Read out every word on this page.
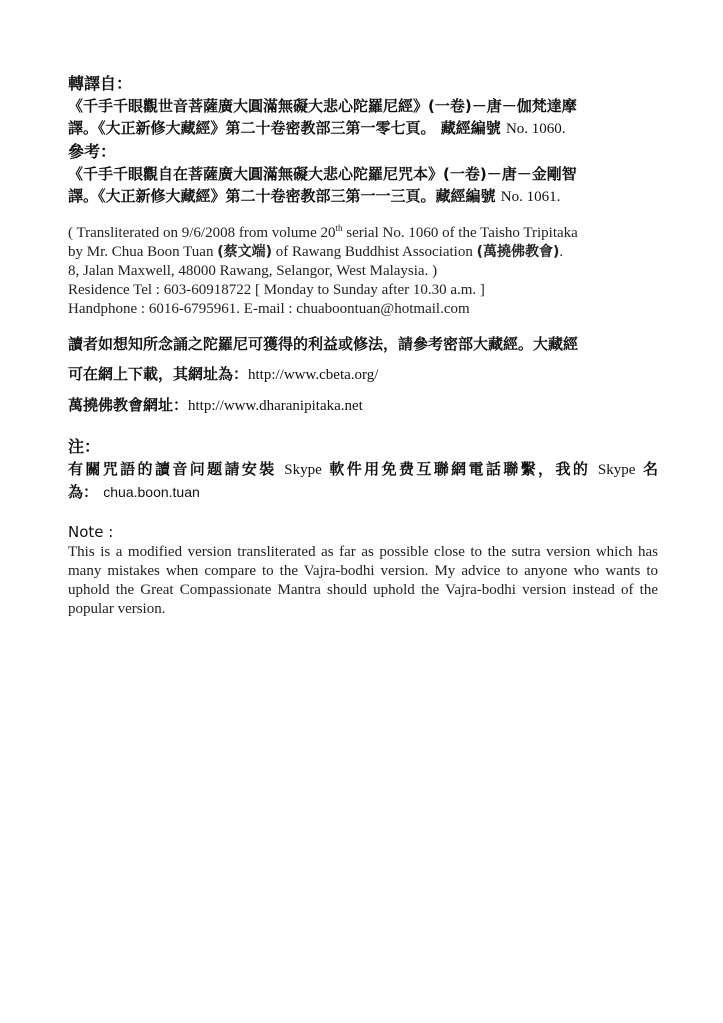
轉譯自：
《千手千眼觀世音菩薩廣大圓滿無礙大悲心陀羅尼經》(一卷)－唐－伽梵達摩
譯。《大正新修大藏經》第二十卷密教部三第一零七頁。 藏經編號 No. 1060.
參考：
《千手千眼觀自在菩薩廣大圓滿無礙大悲心陀羅尼咒本》(一卷)－唐－金剛智
譯。《大正新修大藏經》第二十卷密教部三第一一三頁。藏經編號 No. 1061.
( Transliterated on 9/6/2008 from volume 20th serial No. 1060 of the Taisho Tripitaka
by Mr. Chua Boon Tuan (蔡文端) of Rawang Buddhist Association (萬撓佛教會).
8, Jalan Maxwell, 48000 Rawang, Selangor, West Malaysia. )
Residence Tel : 603-60918722 [ Monday to Sunday after 10.30 a.m. ]
Handphone : 6016-6795961. E-mail : chuaboontuan@hotmail.com
讀者如想知所念誦之陀羅尼可獲得的利益或修法，請參考密部大藏經。大藏經
可在網上下載，其網址為：http://www.cbeta.org/
萬撓佛教會網址：http://www.dharanipitaka.net
注：
有關咒語的讀音问题請安裝 Skype 軟件用免费互聯網電話聯繫，我的 Skype 名
為： chua.boon.tuan
Note :
This is a modified version transliterated as far as possible close to the sutra version which has many mistakes when compare to the Vajra-bodhi version. My advice to anyone who wants to uphold the Great Compassionate Mantra should uphold the Vajra-bodhi version instead of the popular version.
